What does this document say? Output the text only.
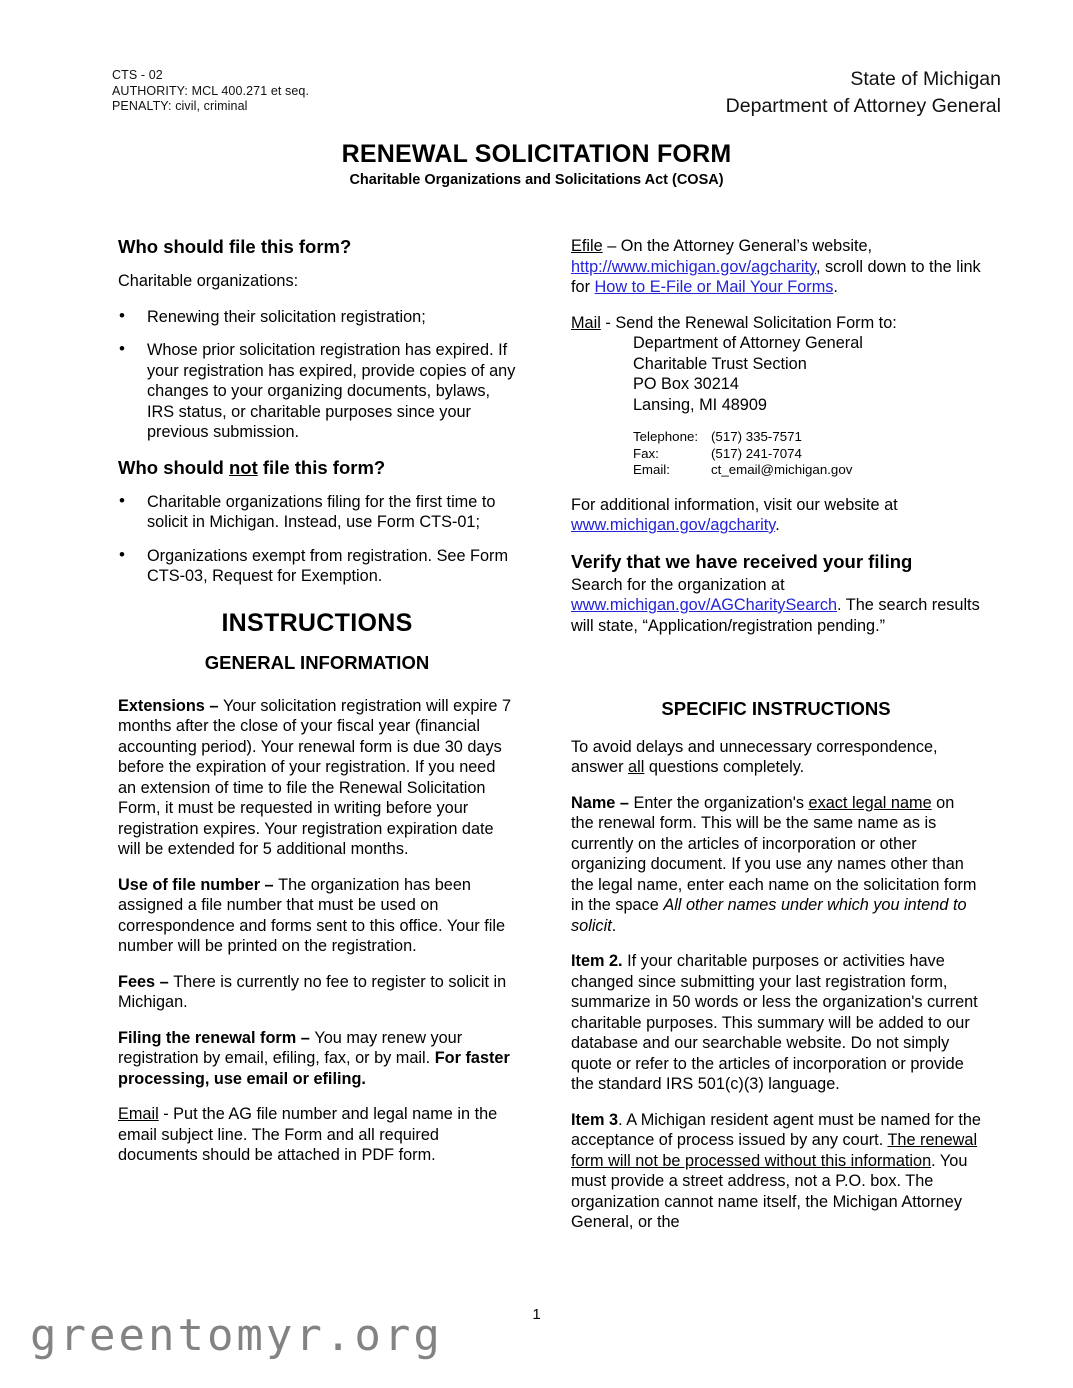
CTS - 02
AUTHORITY: MCL 400.271 et seq.
PENALTY: civil, criminal
State of Michigan
Department of Attorney General
RENEWAL SOLICITATION FORM
Charitable Organizations and Solicitations Act (COSA)
Who should file this form?

Charitable organizations:

• Renewing their solicitation registration;
• Whose prior solicitation registration has expired. If your registration has expired, provide copies of any changes to your organizing documents, bylaws, IRS status, or charitable purposes since your previous submission.
Who should not file this form?
• Charitable organizations filing for the first time to solicit in Michigan. Instead, use Form CTS-01;
• Organizations exempt from registration. See Form CTS-03, Request for Exemption.
INSTRUCTIONS
GENERAL INFORMATION

Extensions – Your solicitation registration will expire 7 months after the close of your fiscal year (financial accounting period). Your renewal form is due 30 days before the expiration of your registration. If you need an extension of time to file the Renewal Solicitation Form, it must be requested in writing before your registration expires. Your registration expiration date will be extended for 5 additional months.

Use of file number – The organization has been assigned a file number that must be used on correspondence and forms sent to this office. Your file number will be printed on the registration.

Fees – There is currently no fee to register to solicit in Michigan.

Filing the renewal form – You may renew your registration by email, efiling, fax, or by mail. For faster processing, use email or efiling.

Email - Put the AG file number and legal name in the email subject line. The Form and all required documents should be attached in PDF form.

Efile – On the Attorney General’s website, http://www.michigan.gov/agcharity, scroll down to the link for How to E-File or Mail Your Forms.

Mail - Send the Renewal Solicitation Form to:

Department of Attorney General
Charitable Trust Section
PO Box 30214
Lansing, MI 48909
Telephone: (517) 335-7571
Fax:	(517) 241-7074
Email:	ct_email@michigan.gov

For additional information, visit our website at www.michigan.gov/agcharity.

Verify that we have received your filing

Search for the organization at www.michigan.gov/AGCharitySearch. The search results will state, “Application/registration pending.”

SPECIFIC INSTRUCTIONS

To avoid delays and unnecessary correspondence, answer all questions completely.

Name – Enter the organization's exact legal name on the renewal form. This will be the same name as is currently on the articles of incorporation or other organizing document. If you use any names other than the legal name, enter each name on the solicitation form in the space All other names under which you intend to solicit.

Item 2. If your charitable purposes or activities have changed since submitting your last registration form, summarize in 50 words or less the organization's current charitable purposes. This summary will be added to our database and our searchable website. Do not simply quote or refer to the articles of incorporation or provide the standard IRS 501(c)(3) language.

Item 3. A Michigan resident agent must be named for the acceptance of process issued by any court. The renewal form will not be processed without this information. You must provide a street address, not a P.O. box. The organization cannot name itself, the Michigan Attorney General, or the

1
greentomyr.org
